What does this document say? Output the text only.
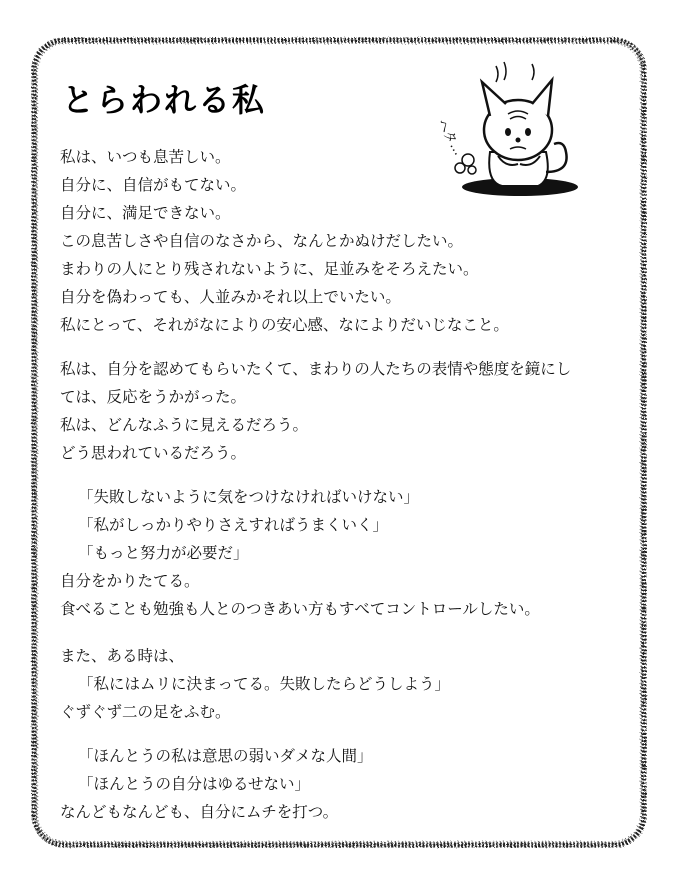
とらわれる私
ヘタ…
私は、いつも息苦しい。
自分に、自信がもてない。
自分に、満足できない。
この息苦しさや自信のなさから、なんとかぬけだしたい。
まわりの人にとり残されないように、足並みをそろえたい。
自分を偽わっても、人並みかそれ以上でいたい。
私にとって、それがなによりの安心感、なによりだいじなこと。
私は、自分を認めてもらいたくて、まわりの人たちの表情や態度を鏡にし
ては、反応をうかがった。
私は、どんなふうに見えるだろう。
どう思われているだろう。
「失敗しないように気をつけなければいけない」
「私がしっかりやりさえすればうまくいく」
「もっと努力が必要だ」
自分をかりたてる。
食べることも勉強も人とのつきあい方もすべてコントロールしたい。
また、ある時は、
「私にはムリに決まってる。失敗したらどうしよう」
ぐずぐず二の足をふむ。
「ほんとうの私は意思の弱いダメな人間」
「ほんとうの自分はゆるせない」
なんどもなんども、自分にムチを打つ。
